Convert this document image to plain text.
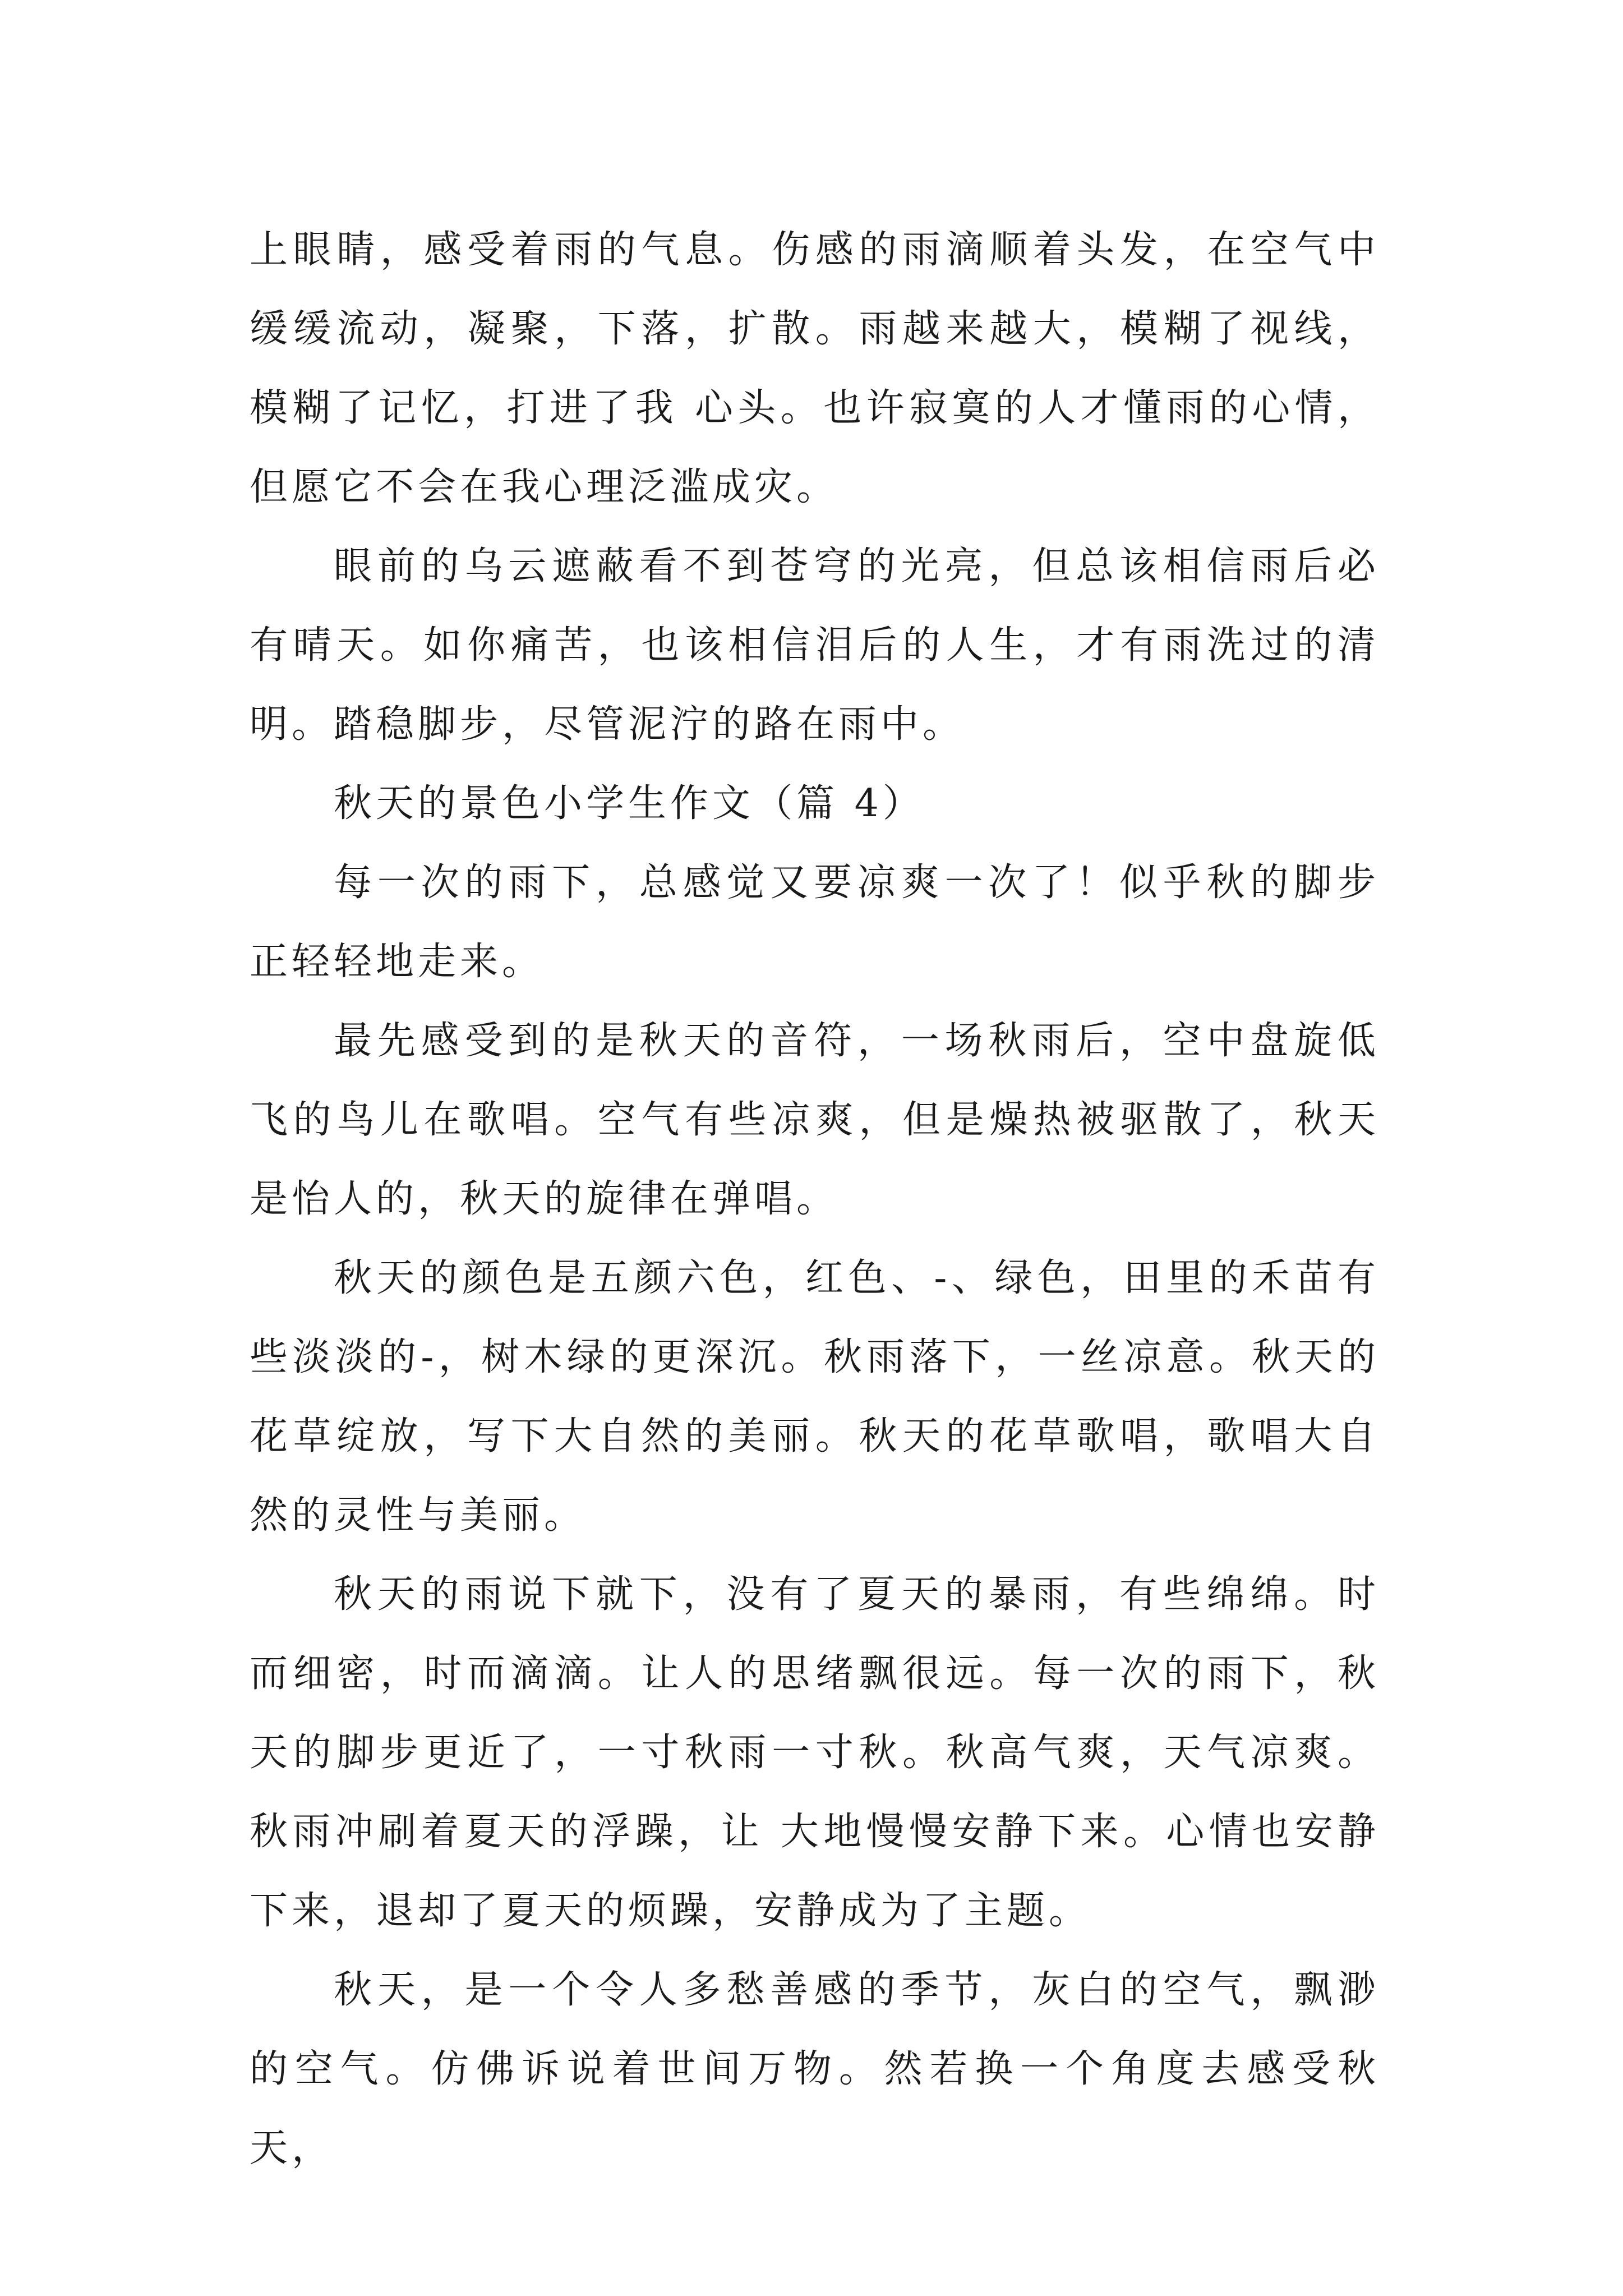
上眼睛，感受着雨的气息。伤感的雨滴顺着头发，在空气中缓缓流动，凝聚，下落，扩散。雨越来越大，模糊了视线，模糊了记忆，打进了我 心头。也许寂寞的人才懂雨的心情，但愿它不会在我心理泛滥成灾。

眼前的乌云遮蔽看不到苍穹的光亮，但总该相信雨后必有晴天。如你痛苦，也该相信泪后的人生，才有雨洗过的清明。踏稳脚步，尽管泥泞的路在雨中。

秋天的景色小学生作文（篇 4）

每一次的雨下，总感觉又要凉爽一次了！似乎秋的脚步正轻轻地走来。

最先感受到的是秋天的音符，一场秋雨后，空中盘旋低飞的鸟儿在歌唱。空气有些凉爽，但是燥热被驱散了，秋天是怡人的，秋天的旋律在弹唱。

秋天的颜色是五颜六色，红色、-、绿色，田里的禾苗有些淡淡的-，树木绿的更深沉。秋雨落下，一丝凉意。秋天的花草绽放，写下大自然的美丽。秋天的花草歌唱，歌唱大自然的灵性与美丽。

秋天的雨说下就下，没有了夏天的暴雨，有些绵绵。时而细密，时而滴滴。让人的思绪飘很远。每一次的雨下，秋天的脚步更近了，一寸秋雨一寸秋。秋高气爽，天气凉爽。秋雨冲刷着夏天的浮躁，让 大地慢慢安静下来。心情也安静下来，退却了夏天的烦躁，安静成为了主题。

秋天，是一个令人多愁善感的季节，灰白的空气，飘渺的空气。仿佛诉说着世间万物。然若换一个角度去感受秋天，
